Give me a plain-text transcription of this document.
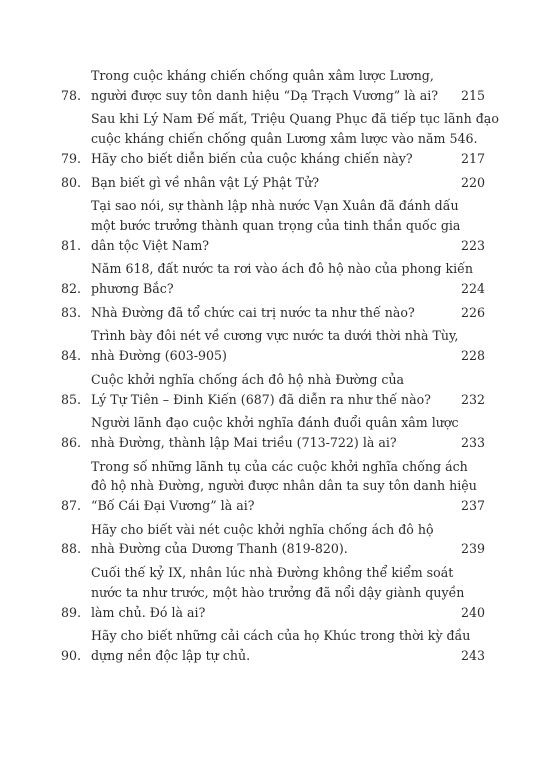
78.
Trong cuộc kháng chiến chống quân xâm lược Lương,
người được suy tôn danh hiệu “Dạ Trạch Vương” là ai?	215
79.
Sau khi Lý Nam Đế mất, Triệu Quang Phục đã tiếp tục lãnh đạo
cuộc kháng chiến chống quân Lương xâm lược vào năm 546.
Hãy cho biết diễn biến của cuộc kháng chiến này?	217
80. Bạn biết gì về nhân vật Lý Phật Tử?	220
81.
Tại sao nói, sự thành lập nhà nước Vạn Xuân đã đánh dấu
một bước trưởng thành quan trọng của tinh thần quốc gia
dân tộc Việt Nam?	223
82.
Năm 618, đất nước ta rơi vào ách đô hộ nào của phong kiến
phương Bắc?	224
83. Nhà Đường đã tổ chức cai trị nước ta như thế nào?	226
84.
Trình bày đôi nét về cương vực nước ta dưới thời nhà Tùy,
nhà Đường (603-905)	228
85.
Cuộc khởi nghĩa chống ách đô hộ nhà Đường của
Lý Tự Tiên – Đinh Kiến (687) đã diễn ra như thế nào?	232
86.
Người lãnh đạo cuộc khởi nghĩa đánh đuổi quân xâm lược
nhà Đường, thành lập Mai triều (713-722) là ai?	233
87.
Trong số những lãnh tụ của các cuộc khởi nghĩa chống ách
đô hộ nhà Đường, người được nhân dân ta suy tôn danh hiệu
“Bố Cái Đại Vương” là ai?	237
88.
Hãy cho biết vài nét cuộc khởi nghĩa chống ách đô hộ
nhà Đường của Dương Thanh (819-820).	239
89.
Cuối thế kỷ IX, nhân lúc nhà Đường không thể kiểm soát
nước ta như trước, một hào trưởng đã nổi dậy giành quyền
làm chủ. Đó là ai?	240
90.
Hãy cho biết những cải cách của họ Khúc trong thời kỳ đầu
dựng nền độc lập tự chủ.	243
